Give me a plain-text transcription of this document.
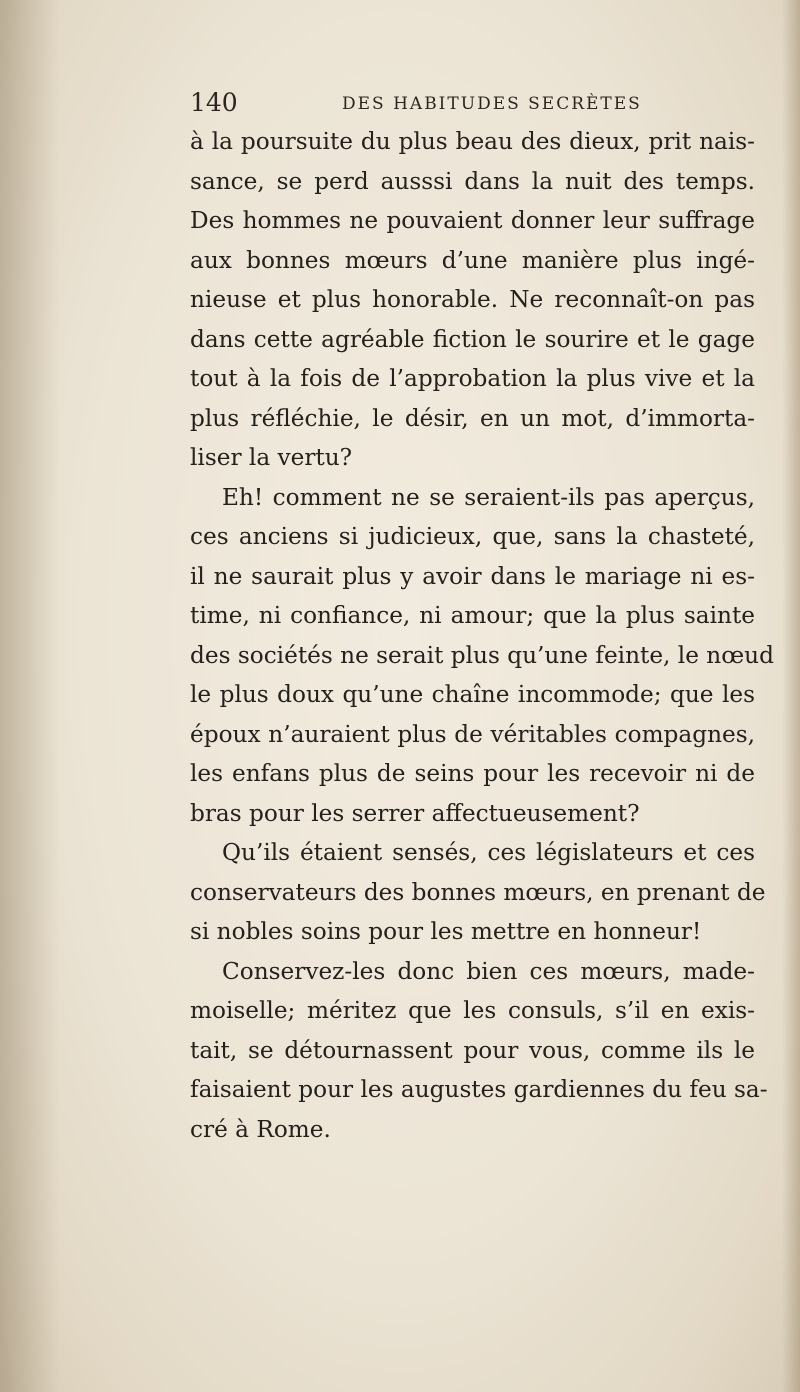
140	DES HABITUDES SECRÈTES
à la poursuite du plus beau des dieux, prit nais-
sance, se perd ausssi dans la nuit des temps.
Des hommes ne pouvaient donner leur suffrage
aux bonnes mœurs d’une manière plus ingé-
nieuse et plus honorable. Ne reconnaît-on pas
dans cette agréable fiction le sourire et le gage
tout à la fois de l’approbation la plus vive et la
plus réfléchie, le désir, en un mot, d’immorta-
liser la vertu?
Eh! comment ne se seraient-ils pas aperçus,
ces anciens si judicieux, que, sans la chasteté,
il ne saurait plus y avoir dans le mariage ni es-
time, ni confiance, ni amour; que la plus sainte
des sociétés ne serait plus qu’une feinte, le nœud
le plus doux qu’une chaîne incommode; que les
époux n’auraient plus de véritables compagnes,
les enfans plus de seins pour les recevoir ni de
bras pour les serrer affectueusement?
Qu’ils étaient sensés, ces législateurs et ces
conservateurs des bonnes mœurs, en prenant de
si nobles soins pour les mettre en honneur!
Conservez-les donc bien ces mœurs, made-
moiselle; méritez que les consuls, s’il en exis-
tait, se détournassent pour vous, comme ils le
faisaient pour les augustes gardiennes du feu sa-
cré à Rome.
